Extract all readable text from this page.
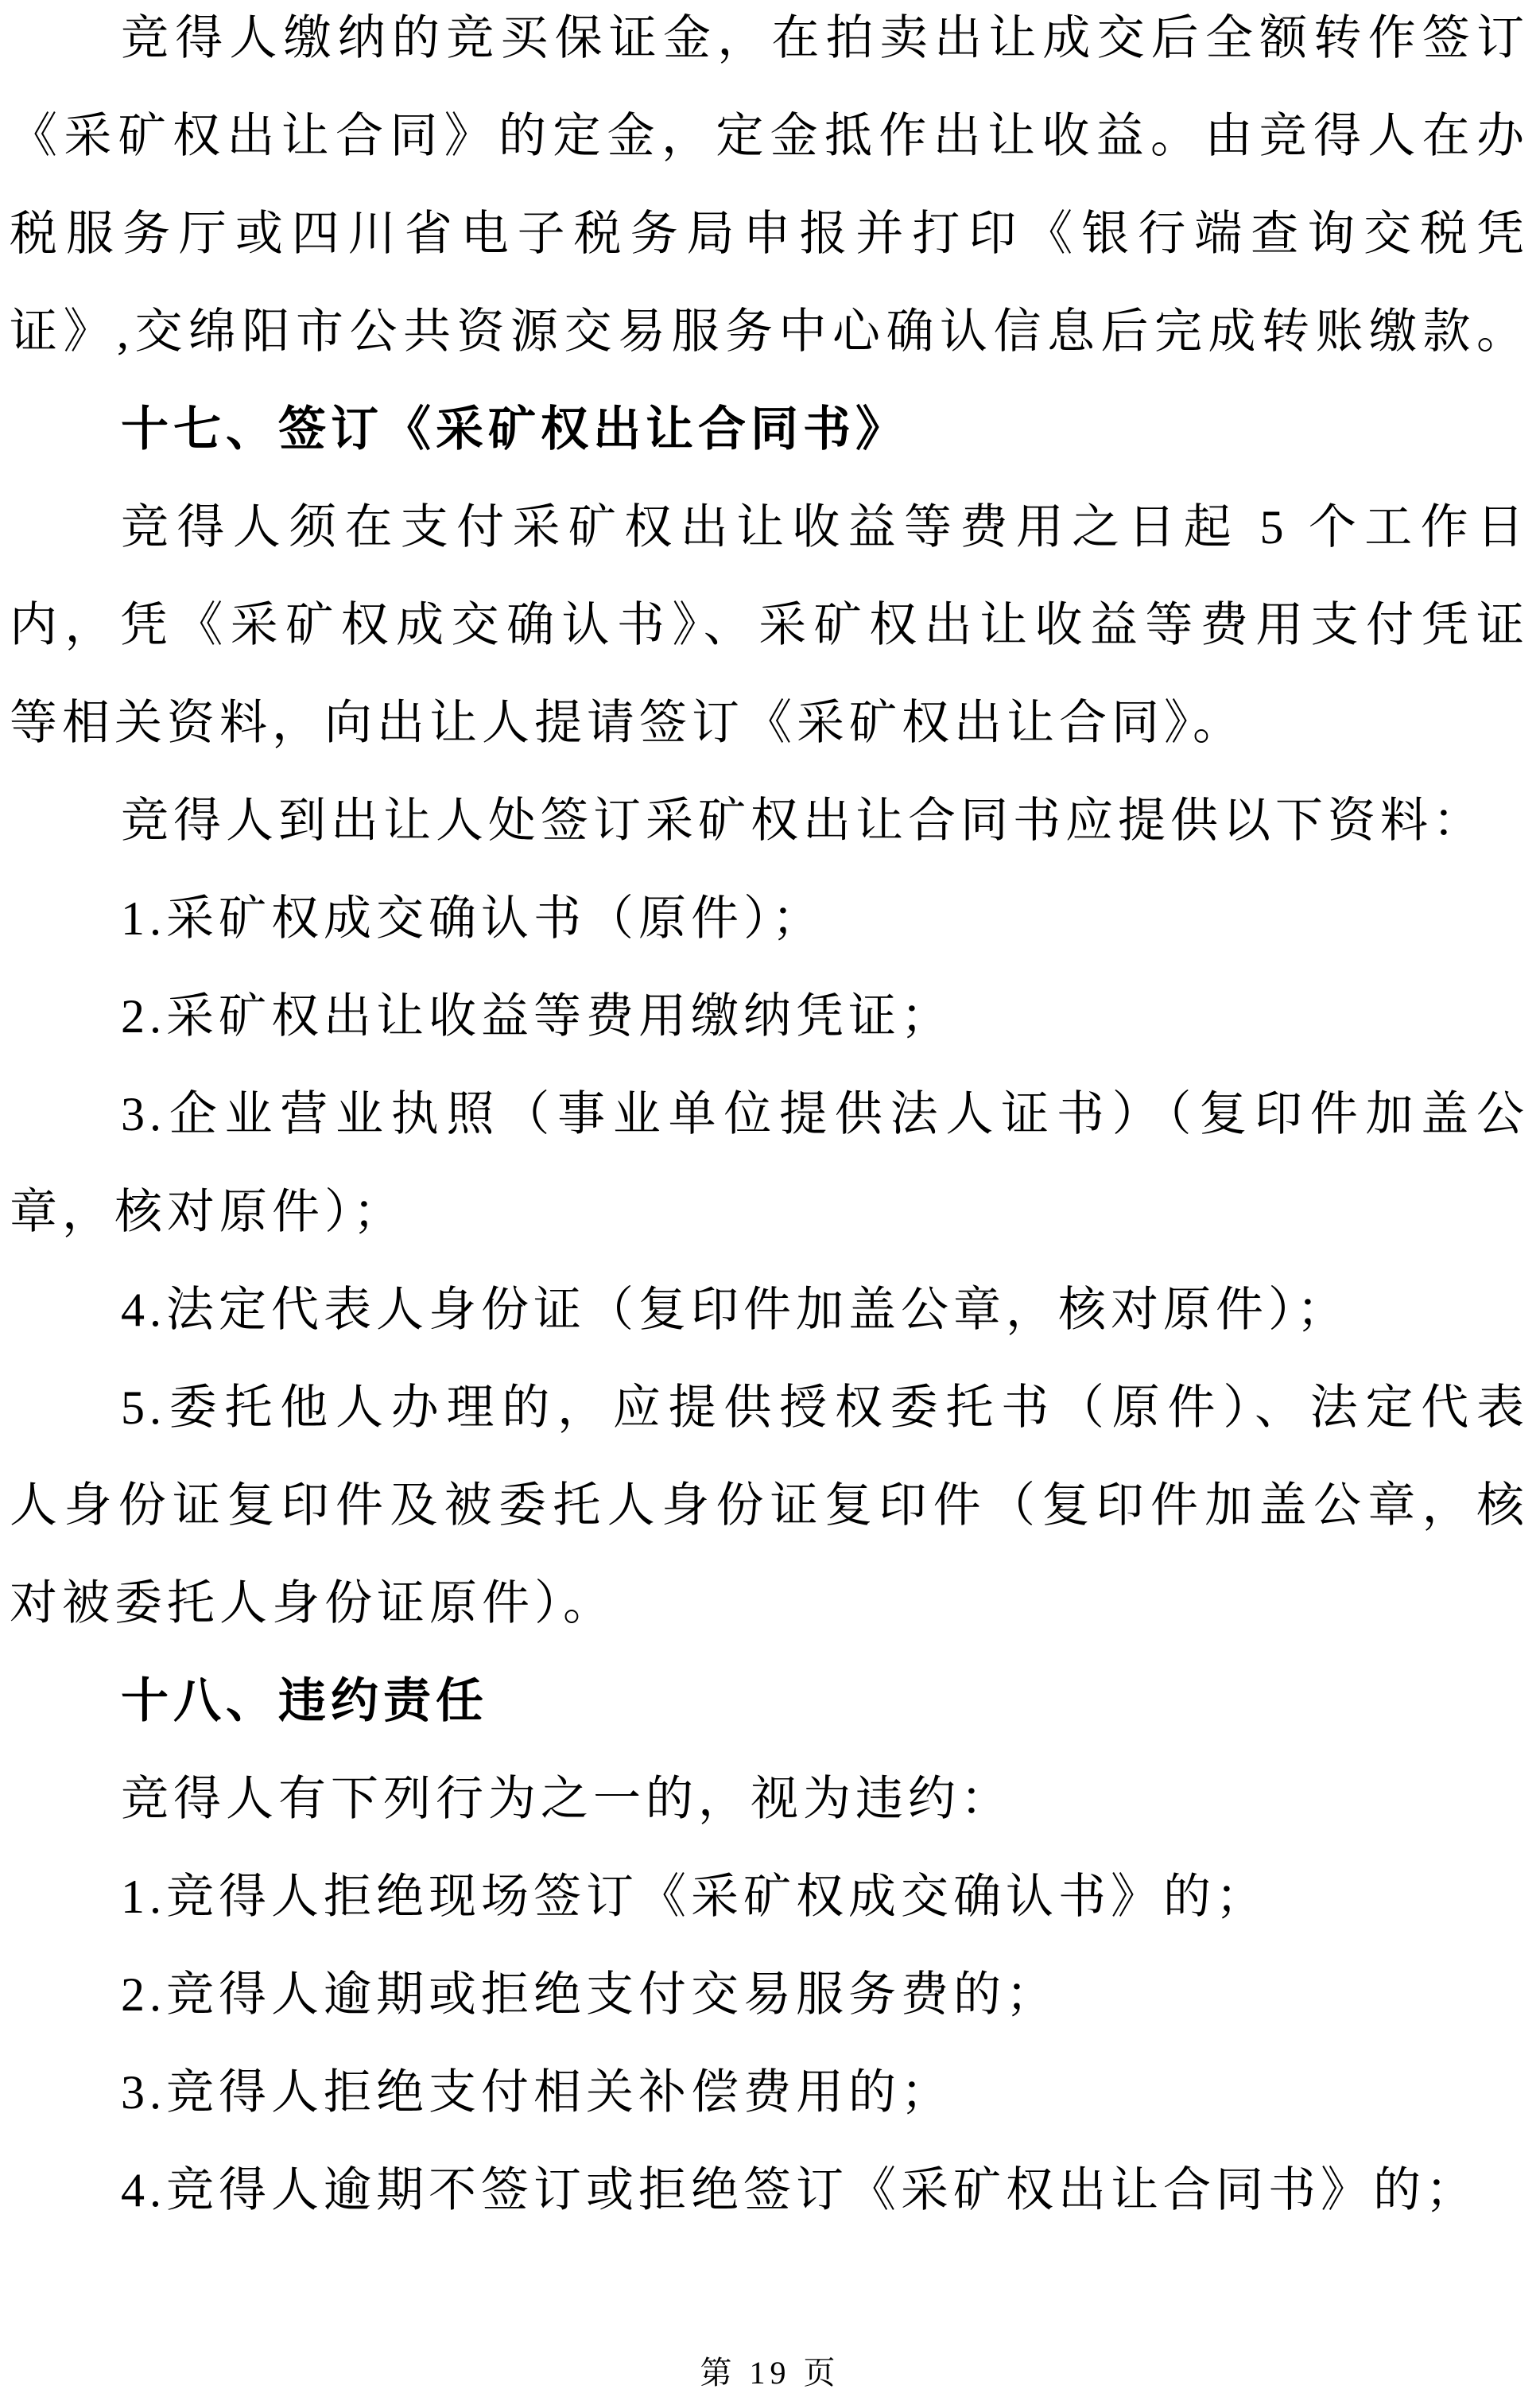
竞得人缴纳的竞买保证金，在拍卖出让成交后全额转作签订
《采矿权出让合同》的定金，定金抵作出让收益。由竞得人在办
税服务厅或四川省电子税务局申报并打印《银行端查询交税凭
证》,交绵阳市公共资源交易服务中心确认信息后完成转账缴款。
十七、签订《采矿权出让合同书》
竞得人须在支付采矿权出让收益等费用之日起 5 个工作日
内，凭《采矿权成交确认书》、采矿权出让收益等费用支付凭证
等相关资料，向出让人提请签订《采矿权出让合同》。
竞得人到出让人处签订采矿权出让合同书应提供以下资料：
1.采矿权成交确认书（原件）；
2.采矿权出让收益等费用缴纳凭证；
3.企业营业执照（事业单位提供法人证书）（复印件加盖公
章，核对原件）；
4.法定代表人身份证（复印件加盖公章，核对原件）；
5.委托他人办理的，应提供授权委托书（原件）、法定代表
人身份证复印件及被委托人身份证复印件（复印件加盖公章，核
对被委托人身份证原件）。
十八、违约责任
竞得人有下列行为之一的，视为违约：
1.竞得人拒绝现场签订《采矿权成交确认书》的；
2.竞得人逾期或拒绝支付交易服务费的；
3.竞得人拒绝支付相关补偿费用的；
4.竞得人逾期不签订或拒绝签订《采矿权出让合同书》的；
第 19 页
